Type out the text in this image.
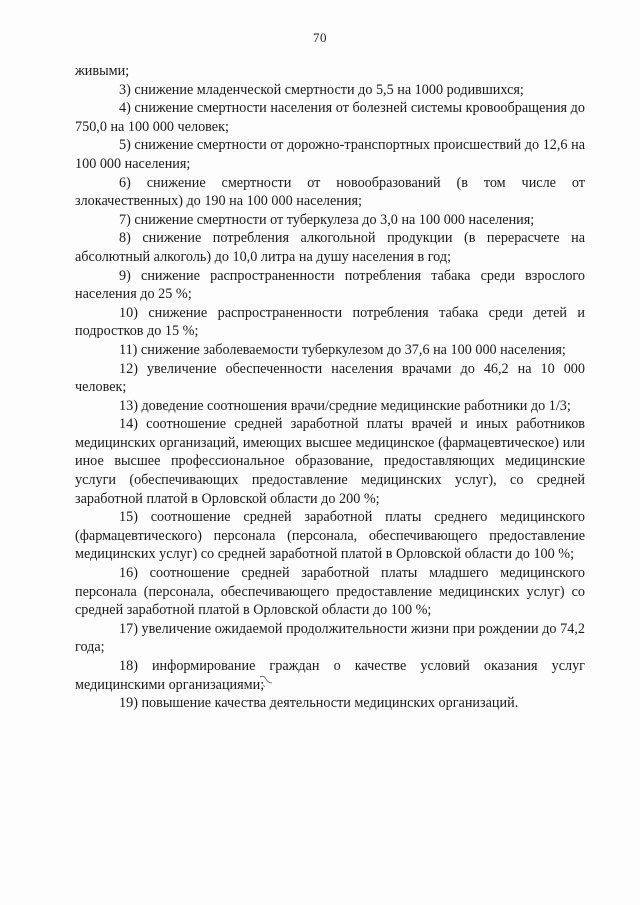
70

живыми;

3) снижение младенческой смертности до 5,5 на 1000 родившихся;

4) снижение смертности населения от болезней системы кровообращения до 750,0 на 100 000 человек;

5) снижение смертности от дорожно-транспортных происшествий до 12,6 на 100 000 населения;

6) снижение смертности от новообразований (в том числе от злокачественных) до 190 на 100 000 населения;

7) снижение смертности от туберкулеза до 3,0 на 100 000 населения;

8) снижение потребления алкогольной продукции (в перерасчете на абсолютный алкоголь) до 10,0 литра на душу населения в год;

9) снижение распространенности потребления табака среди взрослого населения до 25 %;

10) снижение распространенности потребления табака среди детей и подростков до 15 %;

11) снижение заболеваемости туберкулезом до 37,6 на 100 000 населения;

12) увеличение обеспеченности населения врачами до 46,2 на 10 000 человек;

13) доведение соотношения врачи/средние медицинские работники до 1/3;

14) соотношение средней заработной платы врачей и иных работников медицинских организаций, имеющих высшее медицинское (фармацевтическое) или иное высшее профессиональное образование, предоставляющих медицинские услуги (обеспечивающих предоставление медицинских услуг), со средней заработной платой в Орловской области до 200 %;

15) соотношение средней заработной платы среднего медицинского (фармацевтического) персонала (персонала, обеспечивающего предоставление медицинских услуг) со средней заработной платой в Орловской области до 100 %;

16) соотношение средней заработной платы младшего медицинского персонала (персонала, обеспечивающего предоставление медицинских услуг) со средней заработной платой в Орловской области до 100 %;

17) увеличение ожидаемой продолжительности жизни при рождении до 74,2 года;

18) информирование граждан о качестве условий оказания услуг медицинскими организациями;

19) повышение качества деятельности медицинских организаций.
